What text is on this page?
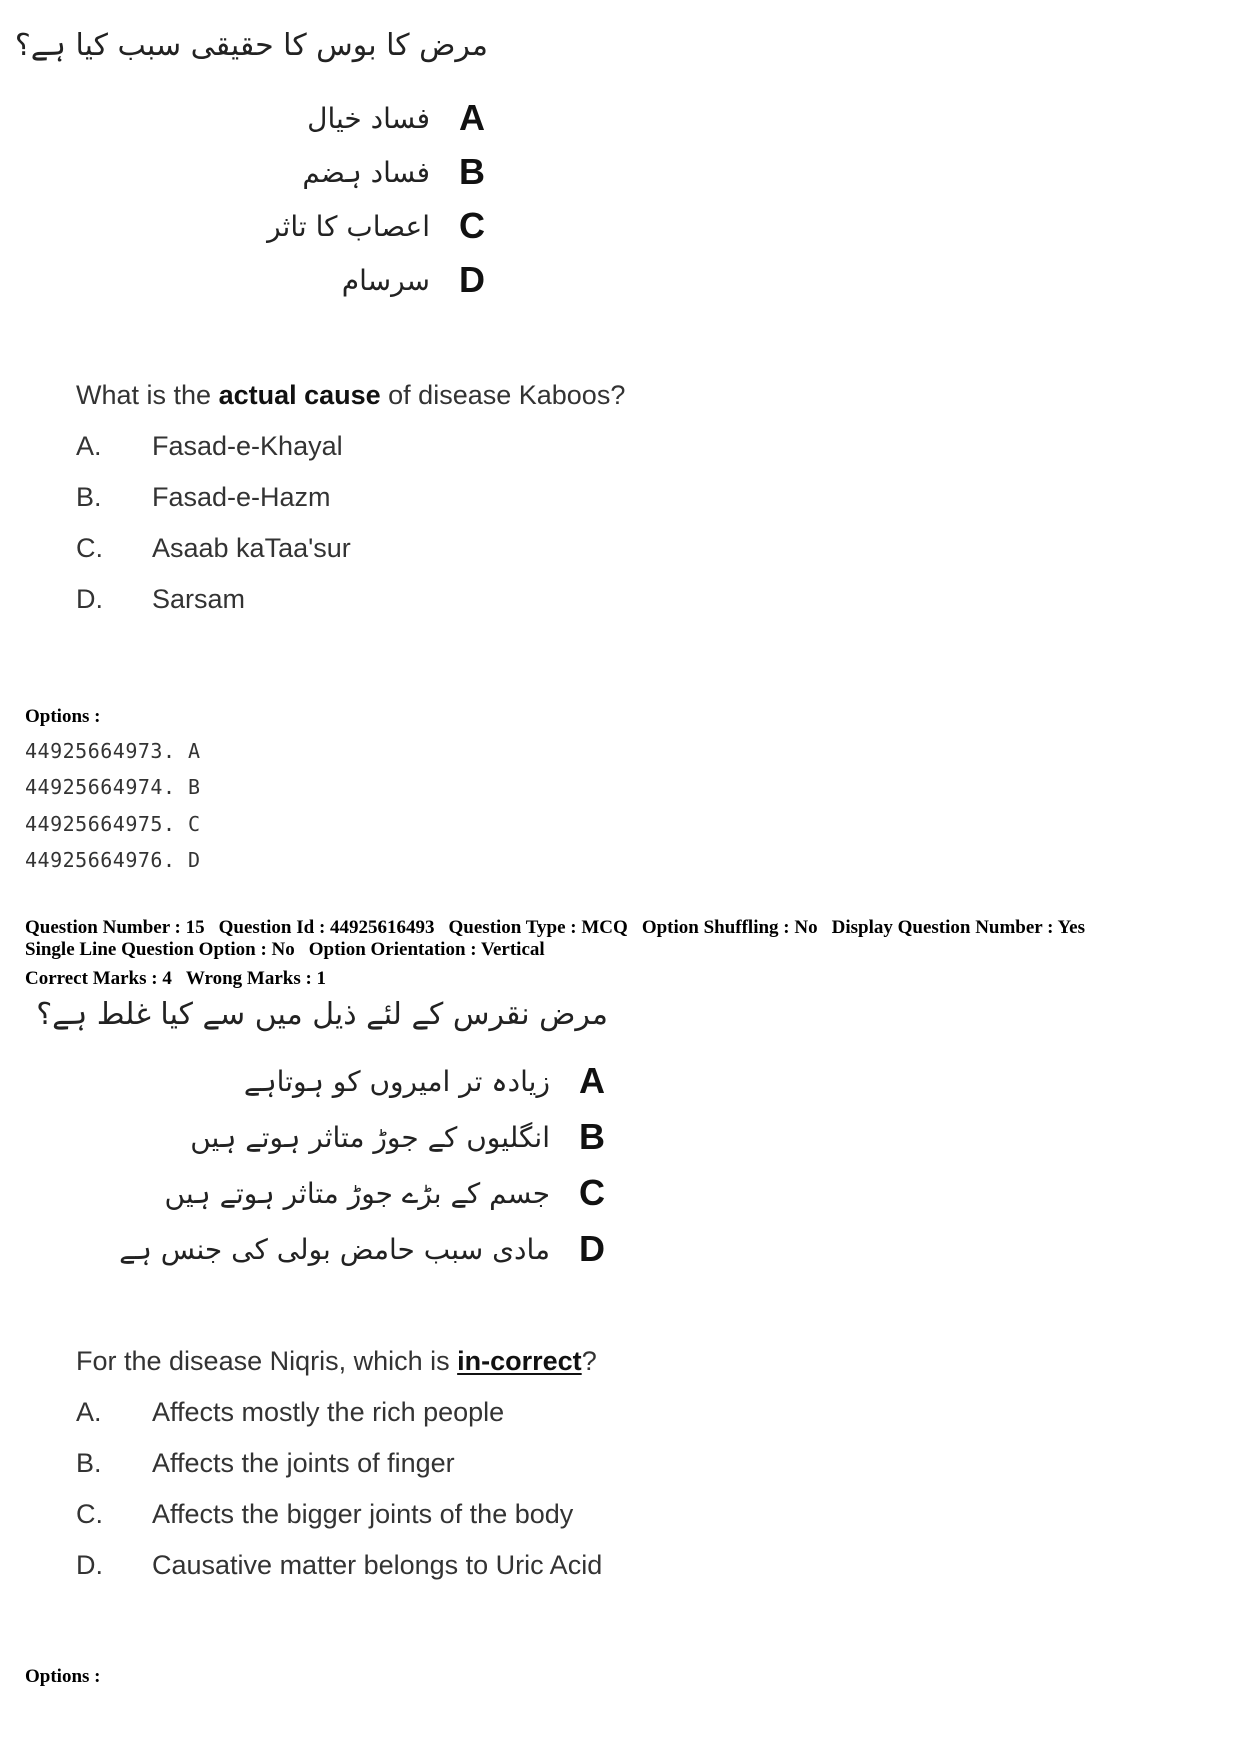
مرض کا بوس کا حقیقی سبب کیا ہے؟
A
فساد خیال
B
فساد ہضم
C
اعصاب کا تاثر
D
سرسام
What is the actual cause of disease Kaboos?
A.	Fasad-e-Khayal
B.	Fasad-e-Hazm
C.	Asaab kaTaa'sur
D.	Sarsam
Options :
44925664973. A
44925664974. B
44925664975. C
44925664976. D
Question Number : 15 Question Id : 44925616493 Question Type : MCQ Option Shuffling : No Display Question Number : Yes
Single Line Question Option : No Option Orientation : Vertical
Correct Marks : 4 Wrong Marks : 1
مرض نقرس کے لئے ذیل میں سے کیا غلط ہے؟
A
زیادہ تر امیروں کو ہوتاہے
B
انگلیوں کے جوڑ متاثر ہوتے ہیں
C
جسم کے بڑے جوڑ متاثر ہوتے ہیں
D
مادی سبب حامض بولی کی جنس ہے
For the disease Niqris, which is in-correct?
A.	Affects mostly the rich people
B.	Affects the joints of finger
C.	Affects the bigger joints of the body
D.	Causative matter belongs to Uric Acid
Options :
